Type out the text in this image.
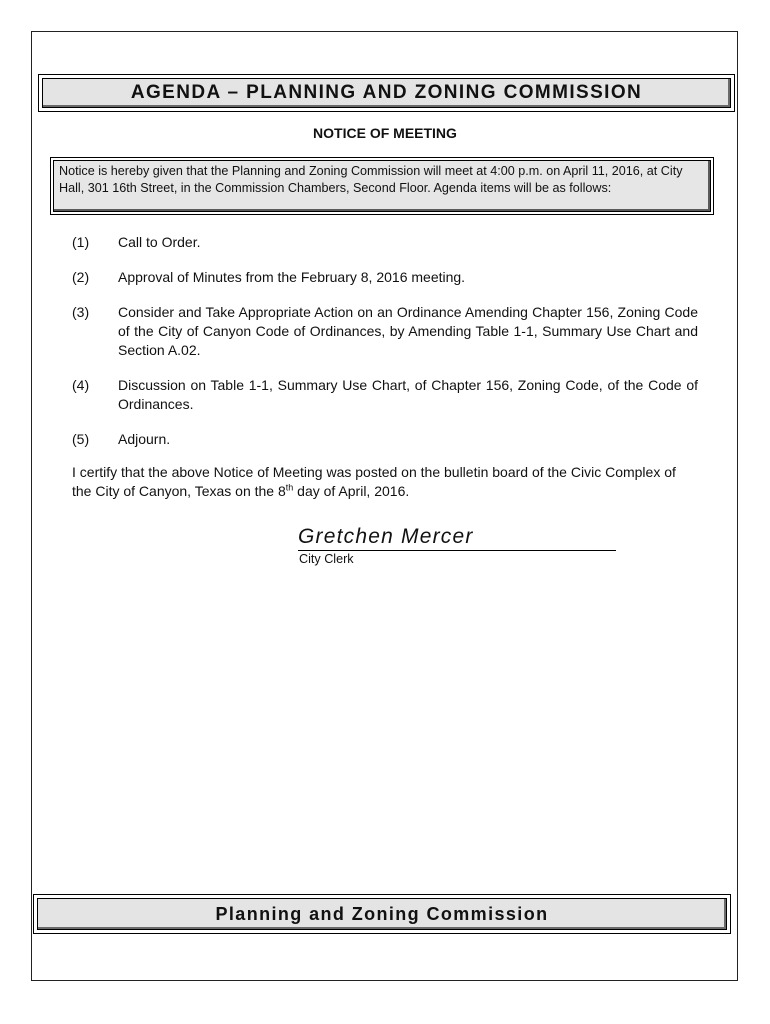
AGENDA – PLANNING AND ZONING COMMISSION
NOTICE OF MEETING
Notice is hereby given that the Planning and Zoning Commission will meet at 4:00 p.m. on April 11, 2016, at City Hall, 301 16th Street, in the Commission Chambers, Second Floor. Agenda items will be as follows:
(1)	Call to Order.
(2)	Approval of Minutes from the February 8, 2016 meeting.
(3)	Consider and Take Appropriate Action on an Ordinance Amending Chapter 156, Zoning Code of the City of Canyon Code of Ordinances, by Amending Table 1-1, Summary Use Chart and Section A.02.
(4)	Discussion on Table 1-1, Summary Use Chart, of Chapter 156, Zoning Code, of the Code of Ordinances.
(5)	Adjourn.
I certify that the above Notice of Meeting was posted on the bulletin board of the Civic Complex of the City of Canyon, Texas on the 8th day of April, 2016.
Gretchen Mercer
City Clerk
Planning and Zoning Commission
